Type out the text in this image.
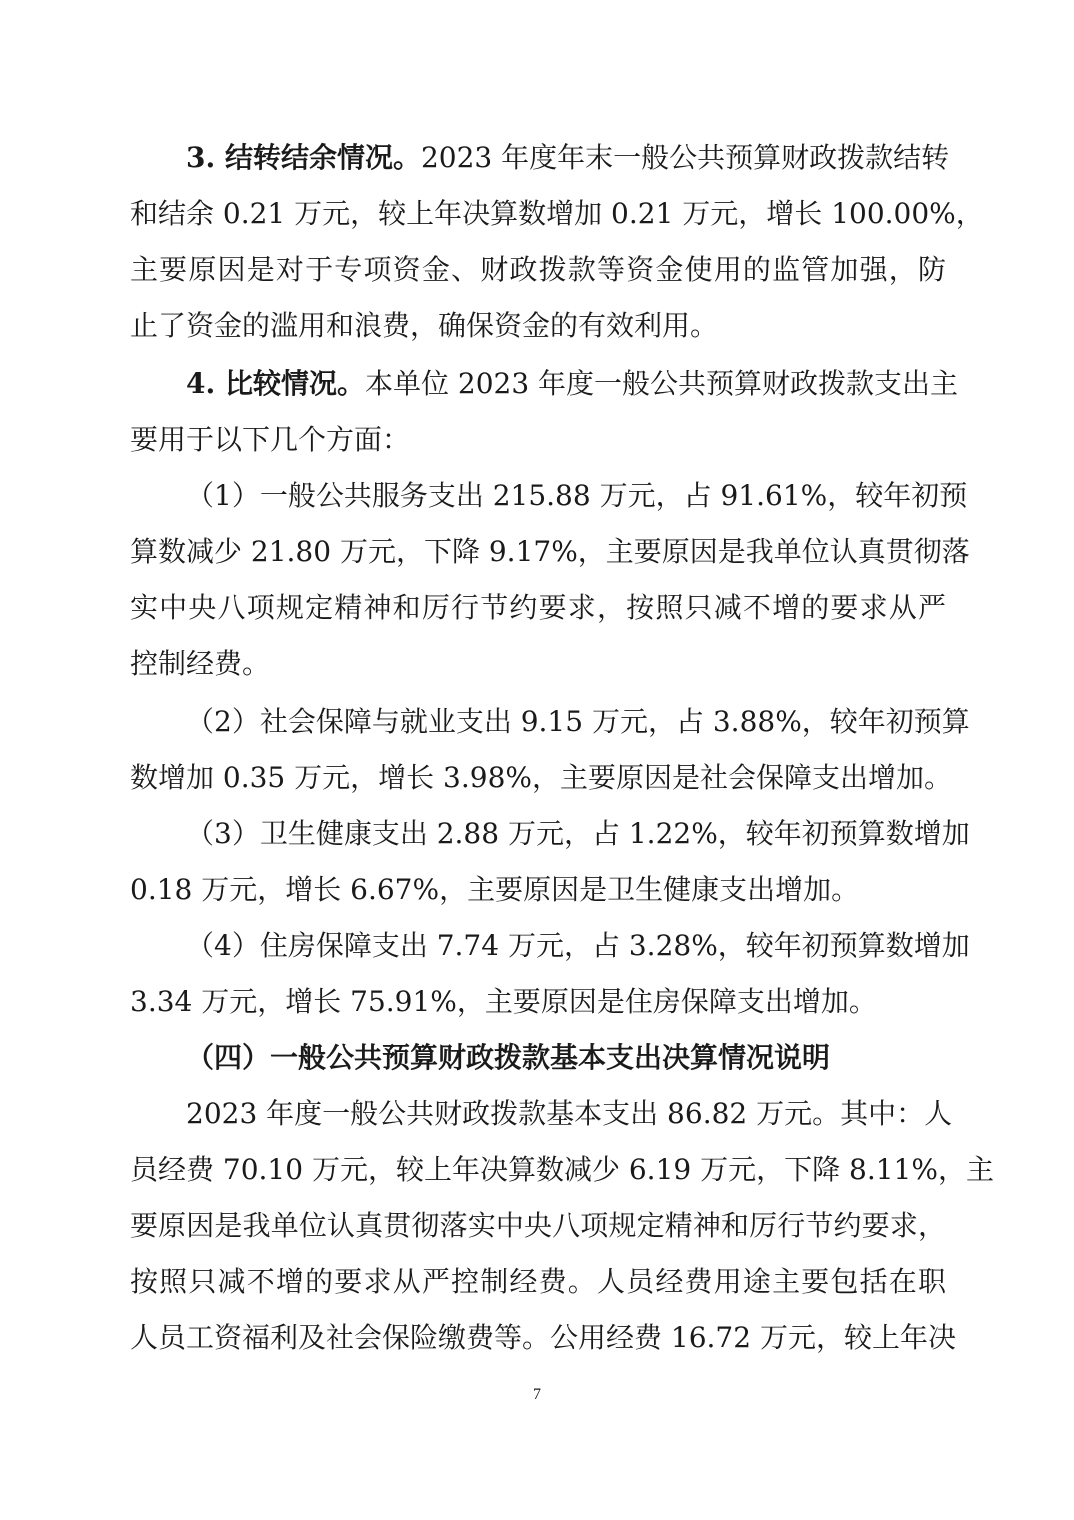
3. 结转结余情况。2023 年度年末一般公共预算财政拨款结转
和结余 0.21 万元，较上年决算数增加 0.21 万元，增长 100.00%，
主要原因是对于专项资金、财政拨款等资金使用的监管加强，防
止了资金的滥用和浪费，确保资金的有效利用。
4. 比较情况。本单位 2023 年度一般公共预算财政拨款支出主
要用于以下几个方面：
（1）一般公共服务支出 215.88 万元，占 91.61%，较年初预
算数减少 21.80 万元，下降 9.17%，主要原因是我单位认真贯彻落
实中央八项规定精神和厉行节约要求，按照只减不增的要求从严
控制经费。
（2）社会保障与就业支出 9.15 万元，占 3.88%，较年初预算
数增加 0.35 万元，增长 3.98%，主要原因是社会保障支出增加。
（3）卫生健康支出 2.88 万元，占 1.22%，较年初预算数增加
0.18 万元，增长 6.67%，主要原因是卫生健康支出增加。
（4）住房保障支出 7.74 万元，占 3.28%，较年初预算数增加
3.34 万元，增长 75.91%，主要原因是住房保障支出增加。
（四）一般公共预算财政拨款基本支出决算情况说明
2023 年度一般公共财政拨款基本支出 86.82 万元。其中：人
员经费 70.10 万元，较上年决算数减少 6.19 万元，下降 8.11%，主
要原因是我单位认真贯彻落实中央八项规定精神和厉行节约要求，
按照只减不增的要求从严控制经费。人员经费用途主要包括在职
人员工资福利及社会保险缴费等。公用经费 16.72 万元，较上年决
7
